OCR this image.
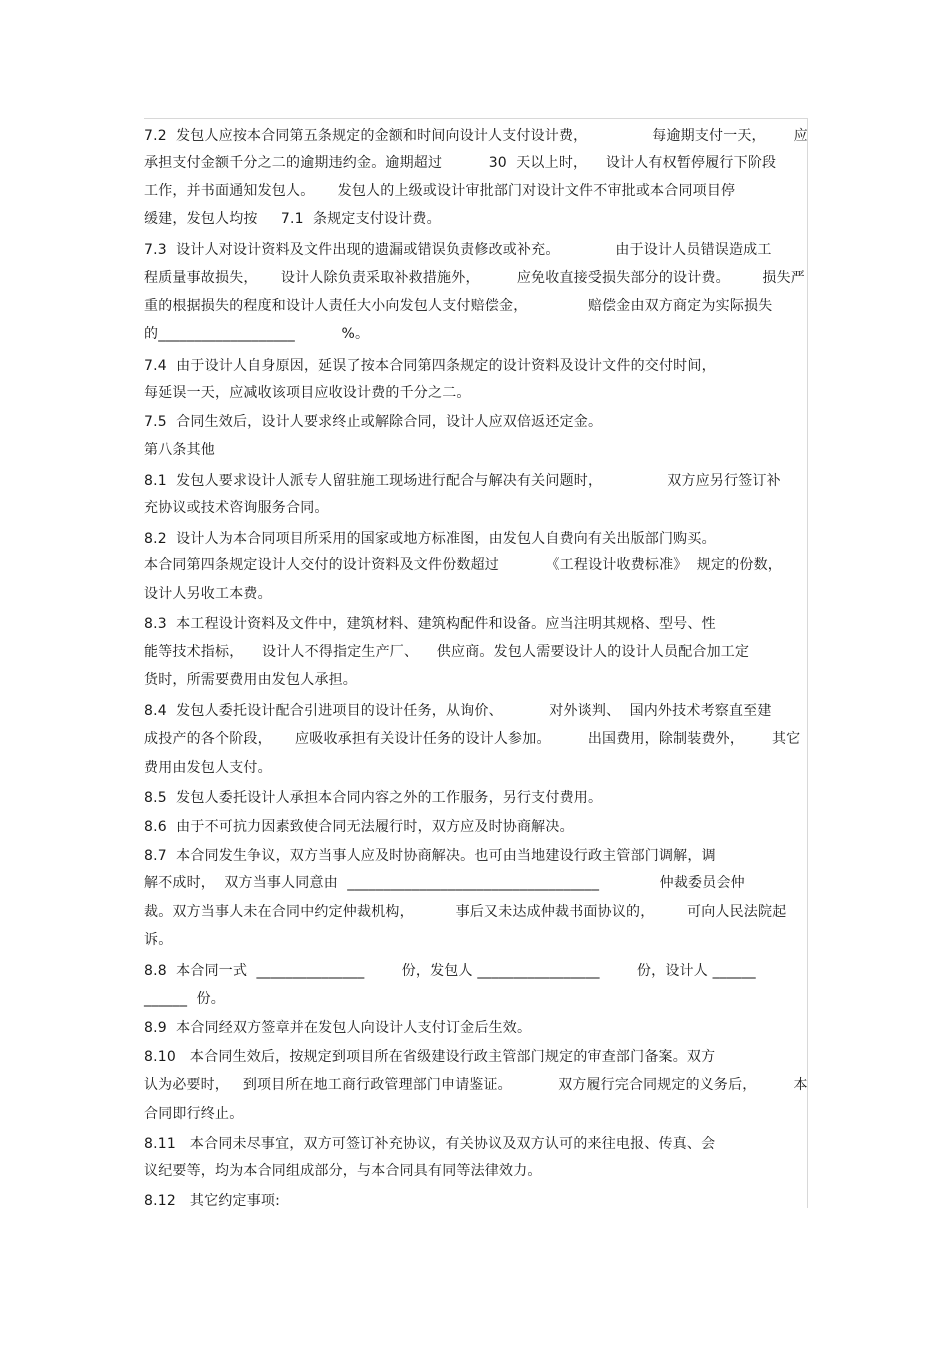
7.2  发包人应按本合同第五条规定的金额和时间向设计人支付设计费，              每逾期支付一天，      应
承担支付金额千分之二的逾期违约金。逾期超过          30  天以上时，    设计人有权暂停履行下阶段
工作，并书面通知发包人。     发包人的上级或设计审批部门对设计文件不审批或本合同项目停
缓建，发包人均按     7.1  条规定支付设计费。
7.3  设计人对设计资料及文件出现的遗漏或错误负责修改或补充。            由于设计人员错误造成工
程质量事故损失，     设计人除负责采取补救措施外，        应免收直接受损失部分的设计费。       损失严
重的根据损失的程度和设计人责任大小向发包人支付赔偿金，             赔偿金由双方商定为实际损失
的___________________          %。
7.4  由于设计人自身原因，延误了按本合同第四条规定的设计资料及设计文件的交付时间，
每延误一天，应减收该项目应收设计费的千分之二。
7.5  合同生效后，设计人要求终止或解除合同，设计人应双倍返还定金。
第八条其他
8.1  发包人要求设计人派专人留驻施工现场进行配合与解决有关问题时，              双方应另行签订补
充协议或技术咨询服务合同。
8.2  设计人为本合同项目所采用的国家或地方标准图，由发包人自费向有关出版部门购买。
本合同第四条规定设计人交付的设计资料及文件份数超过          《工程设计收费标准》  规定的份数，
设计人另收工本费。
8.3  本工程设计资料及文件中，建筑材料、建筑构配件和设备。应当注明其规格、型号、性
能等技术指标，    设计人不得指定生产厂、    供应商。发包人需要设计人的设计人员配合加工定
货时，所需要费用由发包人承担。
8.4  发包人委托设计配合引进项目的设计任务，从询价、          对外谈判、  国内外技术考察直至建
成投产的各个阶段，     应吸收承担有关设计任务的设计人参加。        出国费用，除制装费外，      其它
费用由发包人支付。
8.5  发包人委托设计人承担本合同内容之外的工作服务，另行支付费用。
8.6  由于不可抗力因素致使合同无法履行时，双方应及时协商解决。
8.7  本合同发生争议，双方当事人应及时协商解决。也可由当地建设行政主管部门调解，调
解不成时，  双方当事人同意由  ___________________________________             仲裁委员会仲
裁。双方当事人未在合同中约定仲裁机构，         事后又未达成仲裁书面协议的，       可向人民法院起
诉。
8.8  本合同一式  _______________        份，发包人 _________________        份，设计人 ______
______  份。
8.9  本合同经双方签章并在发包人向设计人支付订金后生效。
8.10   本合同生效后，按规定到项目所在省级建设行政主管部门规定的审查部门备案。双方
认为必要时，   到项目所在地工商行政管理部门申请鉴证。          双方履行完合同规定的义务后，        本
合同即行终止。
8.11   本合同未尽事宜，双方可签订补充协议，有关协议及双方认可的来往电报、传真、会
议纪要等，均为本合同组成部分，与本合同具有同等法律效力。
8.12   其它约定事项:
